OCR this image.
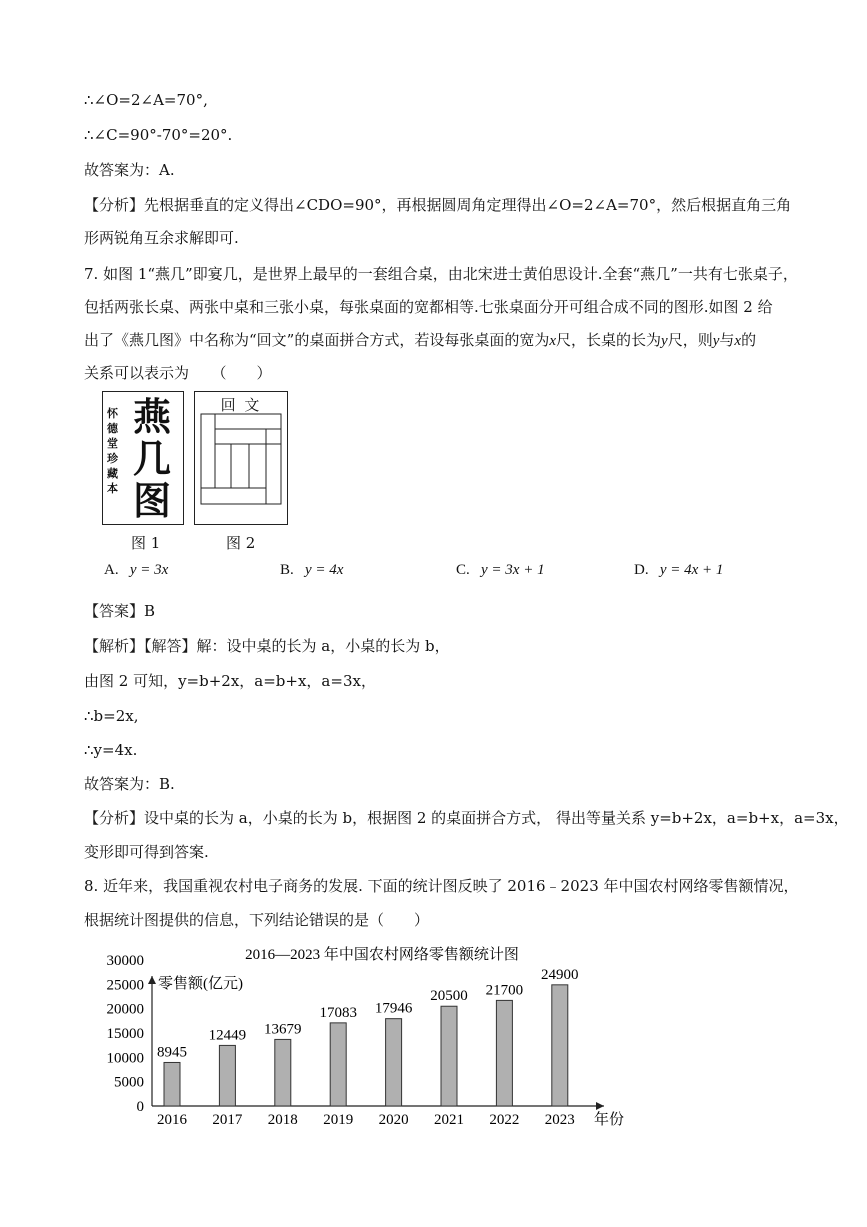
∴∠O=2∠A=70°,
∴∠C=90°-70°=20°.
故答案为：A.
【分析】先根据垂直的定义得出∠CDO=90°，再根据圆周角定理得出∠O=2∠A=70°，然后根据直角三角
形两锐角互余求解即可.
7. 如图 1“燕几”即宴几，是世界上最早的一套组合桌，由北宋进士黄伯思设计.全套“燕几”一共有七张桌子，
包括两张长桌、两张中桌和三张小桌，每张桌面的宽都相等.七张桌面分开可组合成不同的图形.如图 2 给
出了《燕几图》中名称为“回文”的桌面拼合方式，若设每张桌面的宽为x尺，长桌的长为y尺，则y与x的
关系可以表示为　　（　　）
怀德堂珍藏本
燕几图
图 1
回 文
图 2
A. y = 3x	B. y = 4x	C. y = 3x + 1	D. y = 4x + 1
【答案】B
【解析】【解答】解：设中桌的长为 a，小桌的长为 b，
由图 2 可知，y=b+2x，a=b+x，a=3x，
∴b=2x,
∴y=4x.
故答案为：B.
【分析】设中桌的长为 a，小桌的长为 b，根据图 2 的桌面拼合方式， 得出等量关系 y=b+2x，a=b+x，a=3x，
变形即可得到答案.
8. 近年来，我国重视农村电子商务的发展. 下面的统计图反映了 2016﹣2023 年中国农村网络零售额情况，
根据统计图提供的信息，下列结论错误的是（　　）
2016—2023 年中国农村网络零售额统计图
零售额(亿元)
年份
0
5000
10000
15000
20000
25000
30000
8945
12449 13679
17083 17946
20500 21700
24900
2016 2017 2018 2019 2020 2021 2022 2023
